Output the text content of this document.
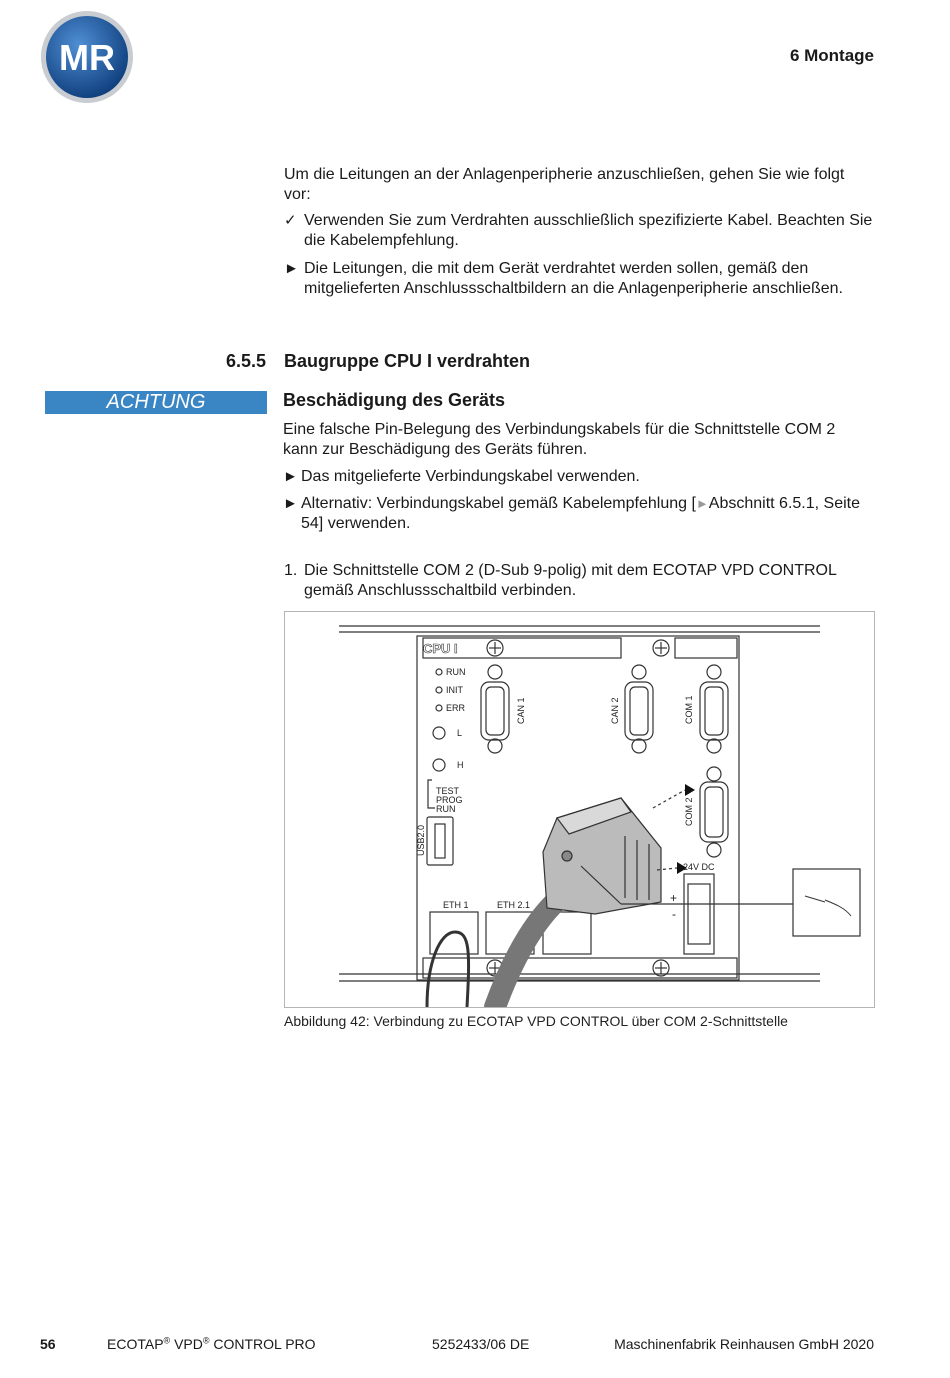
MR	6 Montage
Um die Leitungen an der Anlagenperipherie anzuschließen, gehen Sie wie folgt vor:
✓ Verwenden Sie zum Verdrahten ausschließlich spezifizierte Kabel. Beachten Sie die Kabelempfehlung.
► Die Leitungen, die mit dem Gerät verdrahtet werden sollen, gemäß den mitgelieferten Anschlussschaltbildern an die Anlagenperipherie anschließen.
6.5.5 Baugruppe CPU I verdrahten
ACHTUNG	Beschädigung des Geräts
Eine falsche Pin-Belegung des Verbindungskabels für die Schnittstelle COM 2 kann zur Beschädigung des Geräts führen.
► Das mitgelieferte Verbindungskabel verwenden.
► Alternativ: Verbindungskabel gemäß Kabelempfehlung [►Abschnitt 6.5.1, Seite 54] verwenden.
1. Die Schnittstelle COM 2 (D-Sub 9-polig) mit dem ECOTAP VPD CONTROL gemäß Anschlussschaltbild verbinden.
CPU I
RUN
INIT
ERR
L
H
TEST
PROG
RUN
USB2.0
CAN 1	CAN 2	COM 1
COM 2
ETH 1	ETH 2.1
24V DC
+
-
Abbildung 42: Verbindung zu ECOTAP VPD CONTROL über COM 2-Schnittstelle
56	ECOTAP® VPD® CONTROL PRO	5252433/06 DE	Maschinenfabrik Reinhausen GmbH 2020
